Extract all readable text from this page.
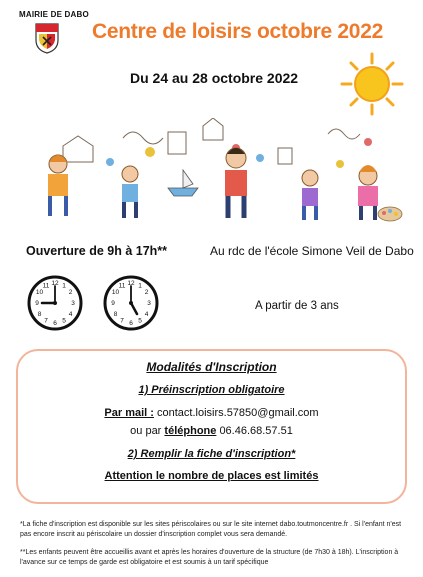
MAIRIE DE DABO
Centre de loisirs octobre 2022
Du 24 au 28 octobre 2022
Ouverture de 9h à 17h**	Au rdc de l'école Simone Veil de Dabo
12 1
2
3
4
5
6
7
8
9
10
11	12 1
2
3
4
5
6
7
8
9
10
11
A partir de 3 ans
Modalités d'Inscription
1) Préinscription obligatoire
Par mail : contact.loisirs.57850@gmail.com
ou par téléphone 06.46.68.57.51
2) Remplir la fiche d'inscription*
Attention le nombre de places est limités
*La fiche d'inscription est disponible sur les sites périscolaires ou sur le site internet dabo.toutmoncentre.fr . Si l'enfant n'est pas encore inscrit au périscolaire un dossier d'inscription complet vous sera demandé.
**Les enfants peuvent être accueillis avant et après les horaires d'ouverture de la structure (de 7h30 à 18h). L'inscription à l'avance sur ce temps de garde est obligatoire et est soumis à un tarif spécifique
